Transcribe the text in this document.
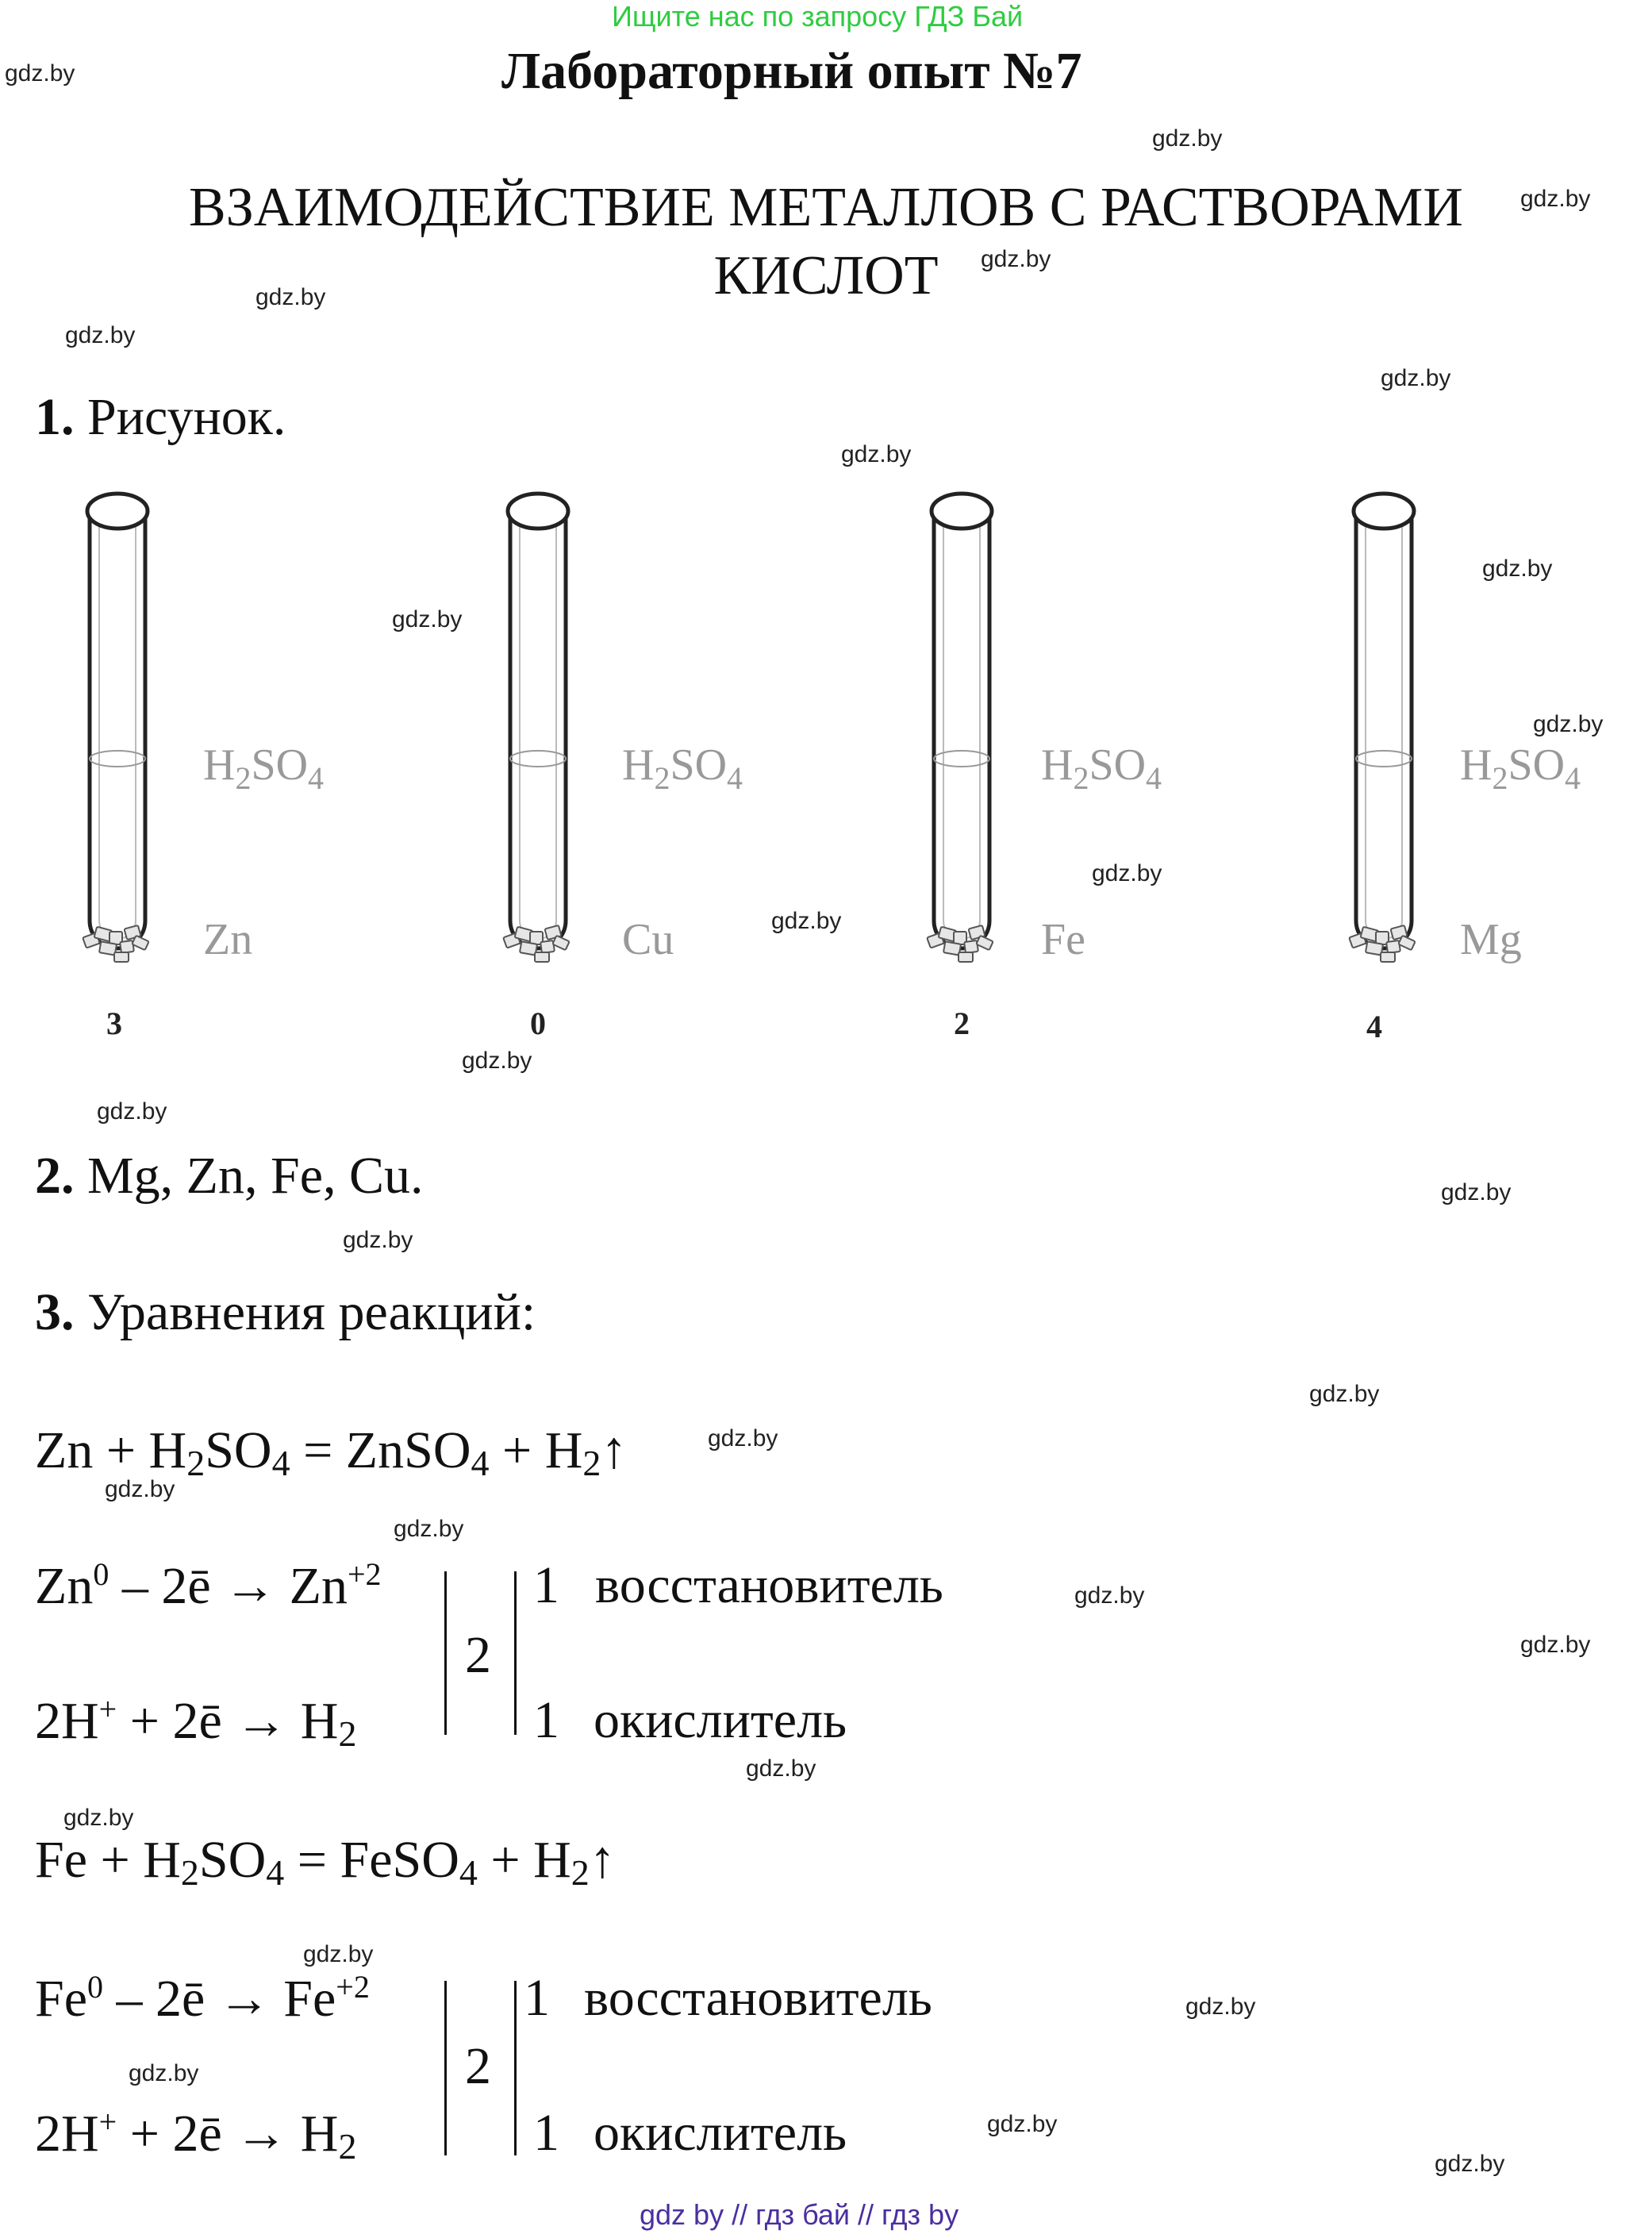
Ищите нас по запросу ГДЗ Бай
Лабораторный опыт №7
ВЗАИМОДЕЙСТВИЕ МЕТАЛЛОВ С РАСТВОРАМИ
КИСЛОТ
gdz.by
gdz.by
gdz.by
gdz.by
gdz.by
gdz.by
gdz.by
gdz.by
gdz.by
gdz.by
gdz.by
gdz.by
gdz.by
gdz.by
gdz.by
gdz.by
gdz.by
gdz.by
gdz.by
gdz.by
gdz.by
gdz.by
gdz.by
gdz.by
gdz.by
gdz.by
gdz.by
gdz.by
gdz.by
gdz.by
1. Рисунок.
$H_2SO_4$
Zn
3
$H_2SO_4$
Cu
0
$H_2SO_4$
Fe
2
$H_2SO_4$
Mg
4
2. Mg, Zn, Fe, Cu.
3. Уравнения реакций:
Zn + H2SO4 = ZnSO4 + H2↑
Zn$^0$ – 2ē → $Zn^{+2}$
2H+ + 2ē → H2
2
1 восстановитель
1 окислитель
Fe + H2SO4 = FeSO4 + H2↑
Fe$^0$ – 2ē → $Fe^{+2}$
2H+ + 2ē → H2
2
1 восстановитель
1 окислитель
gdz by // гдз бай // гдз by
